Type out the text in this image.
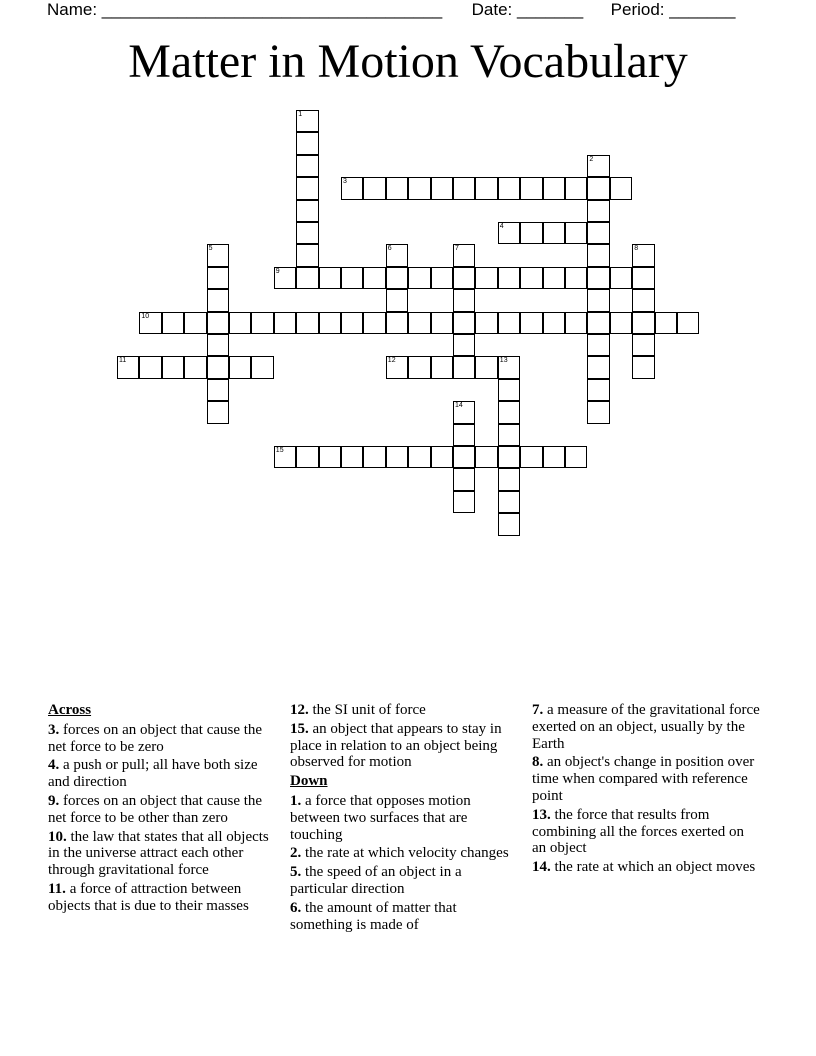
Name: ____________________________________ Date: _______ Period: _______
Matter in Motion Vocabulary
1
2
3
4
5	6	7	8
9
10
11	12	13
14
15
Across
3. forces on an object that cause the net force to be zero
4. a push or pull; all have both size and direction
9. forces on an object that cause the net force to be other than zero
10. the law that states that all objects in the universe attract each other through gravitational force
11. a force of attraction between objects that is due to their masses
12. the SI unit of force
15. an object that appears to stay in place in relation to an object being observed for motion
Down
1. a force that opposes motion between two surfaces that are touching
2. the rate at which velocity changes
5. the speed of an object in a particular direction
6. the amount of matter that something is made of
7. a measure of the gravitational force exerted on an object, usually by the Earth
8. an object's change in position over time when compared with reference point
13. the force that results from combining all the forces exerted on an object
14. the rate at which an object moves
